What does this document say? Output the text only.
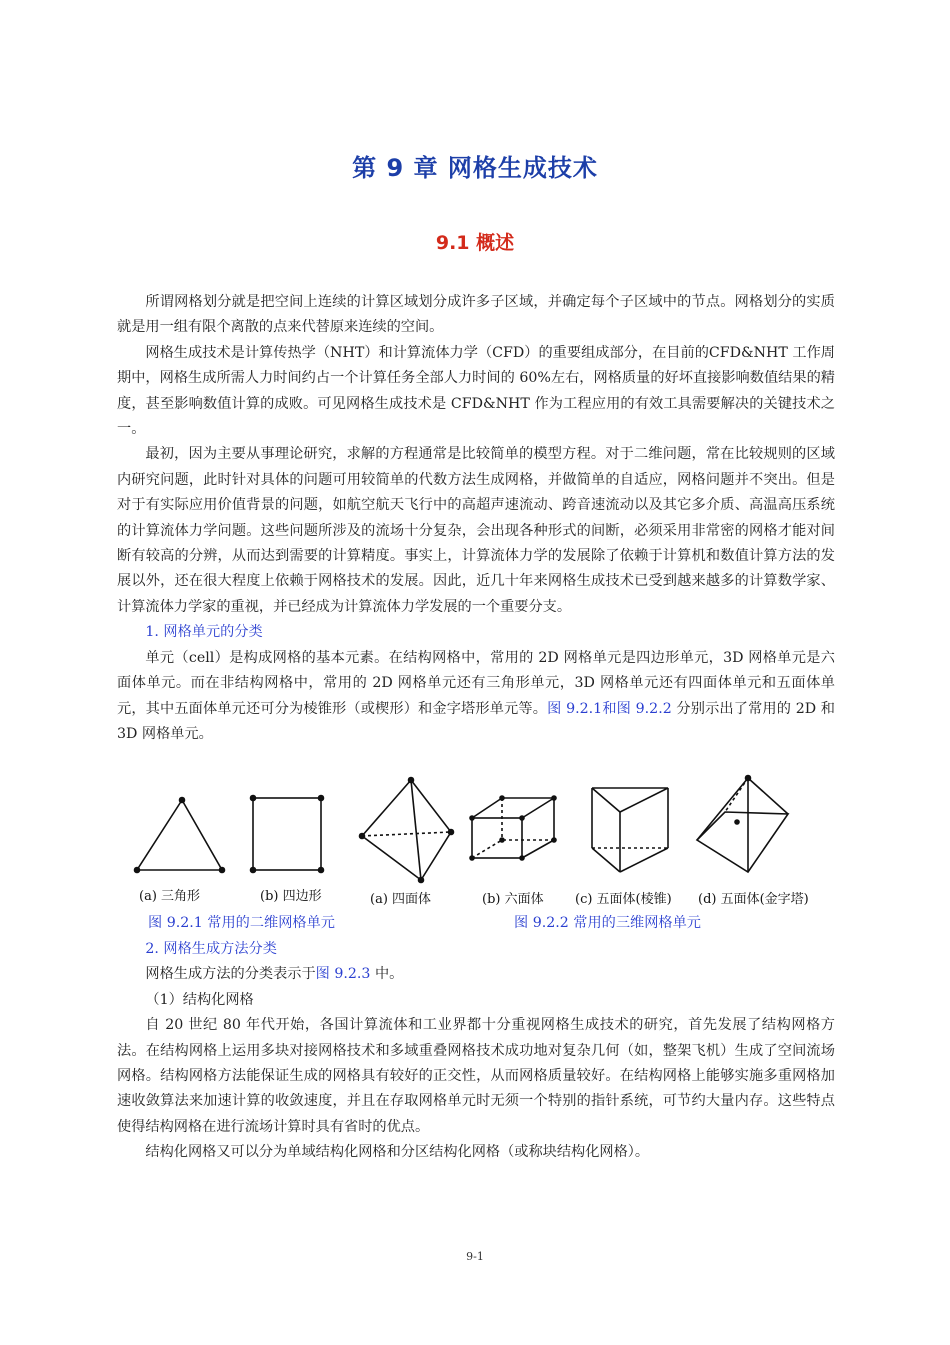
第 9 章 网格生成技术
9.1 概述

所谓网格划分就是把空间上连续的计算区域划分成许多子区域，并确定每个子区域中的节点。网格划分的实质就是用一组有限个离散的点来代替原来连续的空间。

网格生成技术是计算传热学（NHT）和计算流体力学（CFD）的重要组成部分，在目前的CFD&NHT 工作周期中，网格生成所需人力时间约占一个计算任务全部人力时间的 60%左右，网格质量的好坏直接影响数值结果的精度，甚至影响数值计算的成败。可见网格生成技术是 CFD&NHT 作为工程应用的有效工具需要解决的关键技术之一。

最初，因为主要从事理论研究，求解的方程通常是比较简单的模型方程。对于二维问题，常在比较规则的区域内研究问题，此时针对具体的问题可用较简单的代数方法生成网格，并做简单的自适应，网格问题并不突出。但是对于有实际应用价值背景的问题，如航空航天飞行中的高超声速流动、跨音速流动以及其它多介质、高温高压系统的计算流体力学问题。这些问题所涉及的流场十分复杂，会出现各种形式的间断，必须采用非常密的网格才能对间断有较高的分辨，从而达到需要的计算精度。事实上，计算流体力学的发展除了依赖于计算机和数值计算方法的发展以外，还在很大程度上依赖于网格技术的发展。因此，近几十年来网格生成技术已受到越来越多的计算数学家、计算流体力学家的重视，并已经成为计算流体力学发展的一个重要分支。

1. 网格单元的分类

单元（cell）是构成网格的基本元素。在结构网格中，常用的 2D 网格单元是四边形单元，3D 网格单元是六面体单元。而在非结构网格中，常用的 2D 网格单元还有三角形单元，3D 网格单元还有四面体单元和五面体单元，其中五面体单元还可分为棱锥形（或楔形）和金字塔形单元等。图 9.2.1和图 9.2.2 分别示出了常用的 2D 和 3D 网格单元。

(a) 三角形	(b) 四边形	(a) 四面体	(b) 六面体 (c) 五面体(棱锥) (d) 五面体(金字塔)
图 9.2.1 常用的二维网格单元	图 9.2.2 常用的三维网格单元

2. 网格生成方法分类

网格生成方法的分类表示于图 9.2.3 中。

（1）结构化网格

自 20 世纪 80 年代开始，各国计算流体和工业界都十分重视网格生成技术的研究，首先发展了结构网格方法。在结构网格上运用多块对接网格技术和多域重叠网格技术成功地对复杂几何（如，整架飞机）生成了空间流场网格。结构网格方法能保证生成的网格具有较好的正交性，从而网格质量较好。在结构网格上能够实施多重网格加速收敛算法来加速计算的收敛速度，并且在存取网格单元时无须一个特别的指针系统，可节约大量内存。这些特点使得结构网格在进行流场计算时具有省时的优点。

结构化网格又可以分为单域结构化网格和分区结构化网格（或称块结构化网格）。

9-1
